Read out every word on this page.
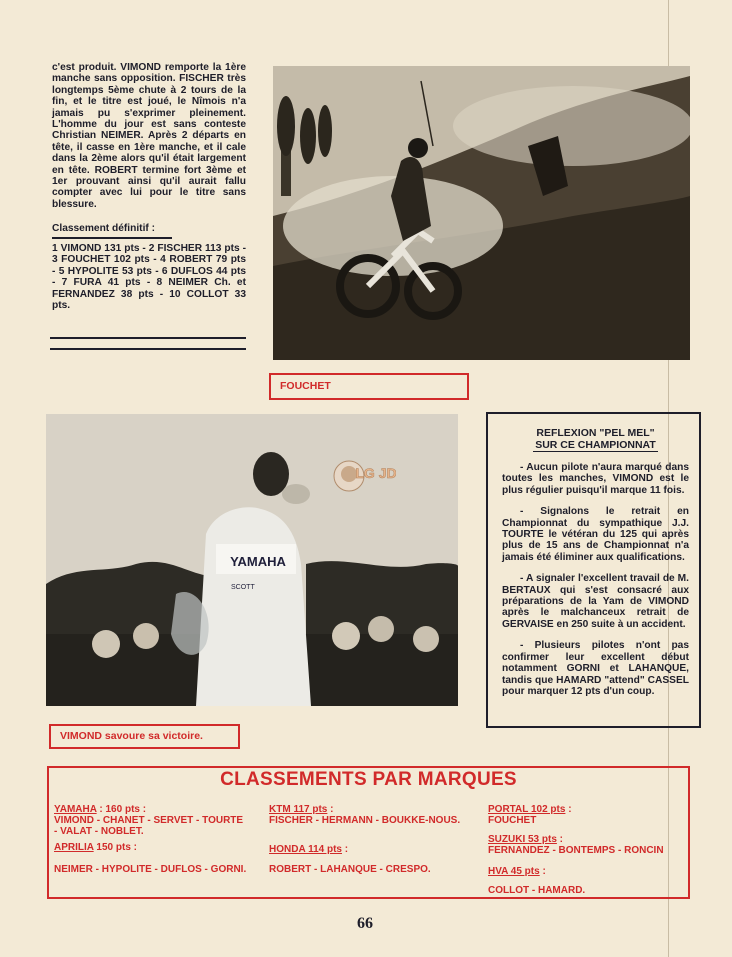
c'est produit. VIMOND remporte la 1ère manche sans opposition. FISCHER très longtemps 5ème chute à 2 tours de la fin, et le titre est joué, le Nîmois n'a jamais pu s'exprimer pleinement. L'homme du jour est sans conteste Christian NEIMER. Après 2 départs en tête, il casse en 1ère manche, et il cale dans la 2ème alors qu'il était largement en tête. ROBERT termine fort 3ème et 1er prouvant ainsi qu'il aurait fallu compter avec lui pour le titre sans blessure.

Classement définitif :
1 VIMOND 131 pts - 2 FISCHER 113 pts - 3 FOUCHET 102 pts - 4 ROBERT 79 pts - 5 HYPOLITE 53 pts - 6 DUFLOS 44 pts - 7 FURA 41 pts - 8 NEIMER Ch. et FERNANDEZ 38 pts - 10 COLLOT 33 pts.
FOUCHET
YAMAHA
SCOTT
LG JD
VIMOND savoure sa victoire.
REFLEXION "PEL MEL"
SUR CE CHAMPIONNAT

- Aucun pilote n'aura marqué dans toutes les manches, VIMOND est le plus régulier puisqu'il marque 11 fois.

- Signalons le retrait en Championnat du sympathique J.J. TOURTE le vétéran du 125 qui après plus de 15 ans de Championnat n'a jamais été éliminer aux qualifications.

- A signaler l'excellent travail de M. BERTAUX qui s'est consacré aux préparations de la Yam de VIMOND après le malchanceux retrait de GERVAISE en 250 suite à un accident.

- Plusieurs pilotes n'ont pas confirmer leur excellent début notamment GORNI et LAHANQUE, tandis que HAMARD "attend" CASSEL pour marquer 12 pts d'un coup.

CLASSEMENTS PAR MARQUES
YAMAHA : 160 pts :
VIMOND - CHANET - SERVET - TOURTE - VALAT - NOBLET.
APRILIA 150 pts :
NEIMER - HYPOLITE - DUFLOS - GORNI.
KTM 117 pts :
FISCHER - HERMANN - BOUKKE-NOUS.
HONDA 114 pts :
ROBERT - LAHANQUE - CRESPO.
PORTAL 102 pts :
FOUCHET
SUZUKI 53 pts :
FERNANDEZ - BONTEMPS - RONCIN
HVA 45 pts :
COLLOT - HAMARD.
66
